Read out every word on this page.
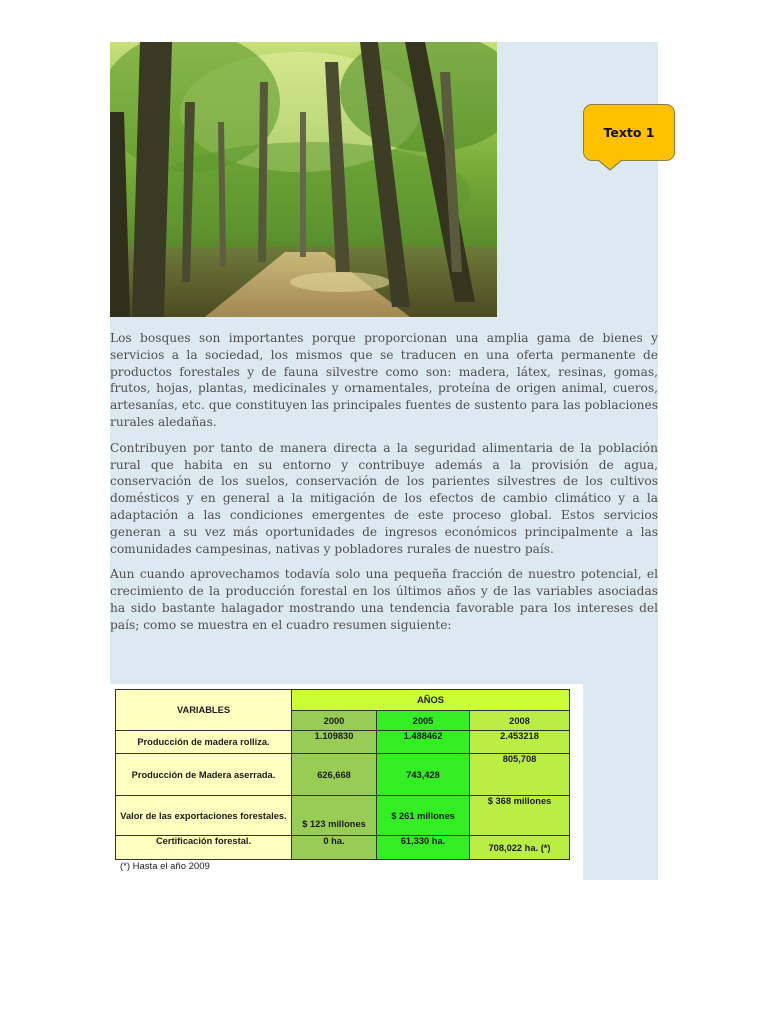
Texto 1

Los bosques son importantes porque proporcionan una amplia gama de bienes y servicios a la sociedad, los mismos que se traducen en una oferta permanente de productos forestales y de fauna silvestre como son: madera, látex, resinas, gomas, frutos, hojas, plantas, medicinales y ornamentales, proteína de origen animal, cueros, artesanías, etc. que constituyen las principales fuentes de sustento para las poblaciones rurales aledañas.

Contribuyen por tanto de manera directa a la seguridad alimentaria de la población rural que habita en su entorno y contribuye además a la provisión de agua, conservación de los suelos, conservación de los parientes silvestres de los cultivos domésticos y en general a la mitigación de los efectos de cambio climático y a la adaptación a las condiciones emergentes de este proceso global. Estos servicios generan a su vez más oportunidades de ingresos económicos principalmente a las comunidades campesinas, nativas y pobladores rurales de nuestro país.

Aun cuando aprovechamos todavía solo una pequeña fracción de nuestro potencial, el crecimiento de la producción forestal en los últimos años y de las variables asociadas ha sido bastante halagador mostrando una tendencia favorable para los intereses del país; como se muestra en el cuadro resumen siguiente:

VARIABLES	AÑOS		
	2000	2005	2008
Producción de madera rolliza.	1.109830	1.488462	2.453218
Producción de Madera aserrada.	626,668	743,428	805,708
Valor de las exportaciones forestales.	$ 123 millones	$ 261 millones	$ 368 millones
Certificación forestal.	0 ha.	61,330 ha.	708,022 ha. (*)
(*) Hasta el año 2009
